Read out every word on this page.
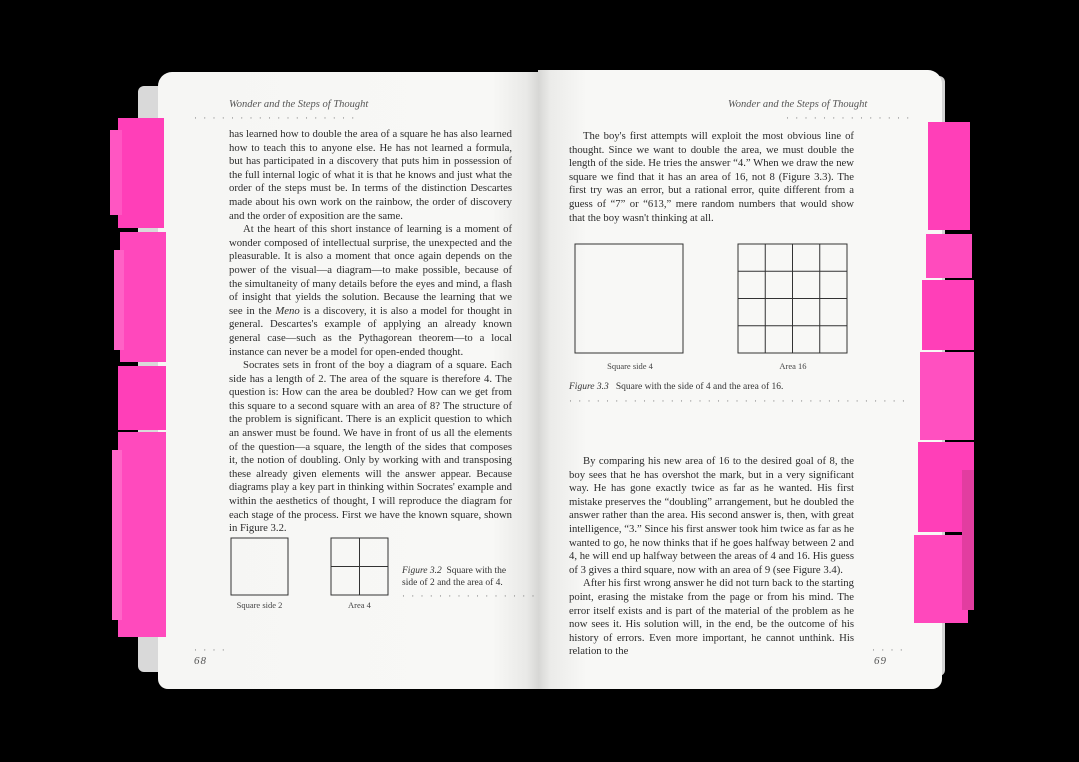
Wonder and the Steps of Thought
· · · · · · · · · · · · · · · · · ·

has learned how to double the area of a square he has also learned how to teach this to anyone else. He has not learned a formula, but has participated in a discovery that puts him in possession of the full internal logic of what it is that he knows and just what the order of the steps must be. In terms of the distinction Descartes made about his own work on the rainbow, the order of discovery and the order of exposition are the same.

At the heart of this short instance of learning is a moment of wonder composed of intellectual surprise, the unexpected and the pleasurable. It is also a moment that once again depends on the power of the visual—a diagram—to make possible, because of the simultaneity of many details before the eyes and mind, a flash of insight that yields the solution. Because the learning that we see in the Meno is a discovery, it is also a model for thought in general. Descartes's example of applying an already known general case—such as the Pythagorean theorem—to a local instance can never be a model for open-ended thought.

Socrates sets in front of the boy a diagram of a square. Each side has a length of 2. The area of the square is therefore 4. The question is: How can the area be doubled? How can we get from this square to a second square with an area of 8? The structure of the problem is significant. There is an explicit question to which an answer must be found. We have in front of us all the elements of the question—a square, the length of the sides that composes it, the notion of doubling. Only by working with and transposing these already given elements will the answer appear. Because diagrams play a key part in thinking within Socrates' example and within the aesthetics of thought, I will reproduce the diagram for each stage of the process. First we have the known square, shown in Figure 3.2.

Square side 2	Area 4
Figure 3.2 Square with the side of 2 and the area of 4.
· · · · · · · · · · · · · · ·
· · · ·
68
Wonder and the Steps of Thought
· · · · · · · · · · · · · ·

The boy's first attempts will exploit the most obvious line of thought. Since we want to double the area, we must double the length of the side. He tries the answer “4.” When we draw the new square we find that it has an area of 16, not 8 (Figure 3.3). The first try was an error, but a rational error, quite different from a guess of “7” or “613,” mere random numbers that would show that the boy wasn't thinking at all.

Square side 4	Area 16
Figure 3.3 Square with the side of 4 and the area of 16.
· · · · · · · · · · · · · · · · · · · · · · · · · · · · · · · · · · · · ·

By comparing his new area of 16 to the desired goal of 8, the boy sees that he has overshot the mark, but in a very significant way. He has gone exactly twice as far as he wanted. His first mistake preserves the “doubling” arrangement, but he doubled the answer rather than the area. His second answer is, then, with great intelligence, “3.” Since his first answer took him twice as far as he wanted to go, he now thinks that if he goes halfway between 2 and 4, he will end up halfway between the areas of 4 and 16. His guess of 3 gives a third square, now with an area of 9 (see Figure 3.4).

After his first wrong answer he did not turn back to the starting point, erasing the mistake from the page or from his mind. The error itself exists and is part of the material of the problem as he now sees it. His solution will, in the end, be the outcome of his history of errors. Even more important, he cannot unthink. His relation to the	· · · ·
69
